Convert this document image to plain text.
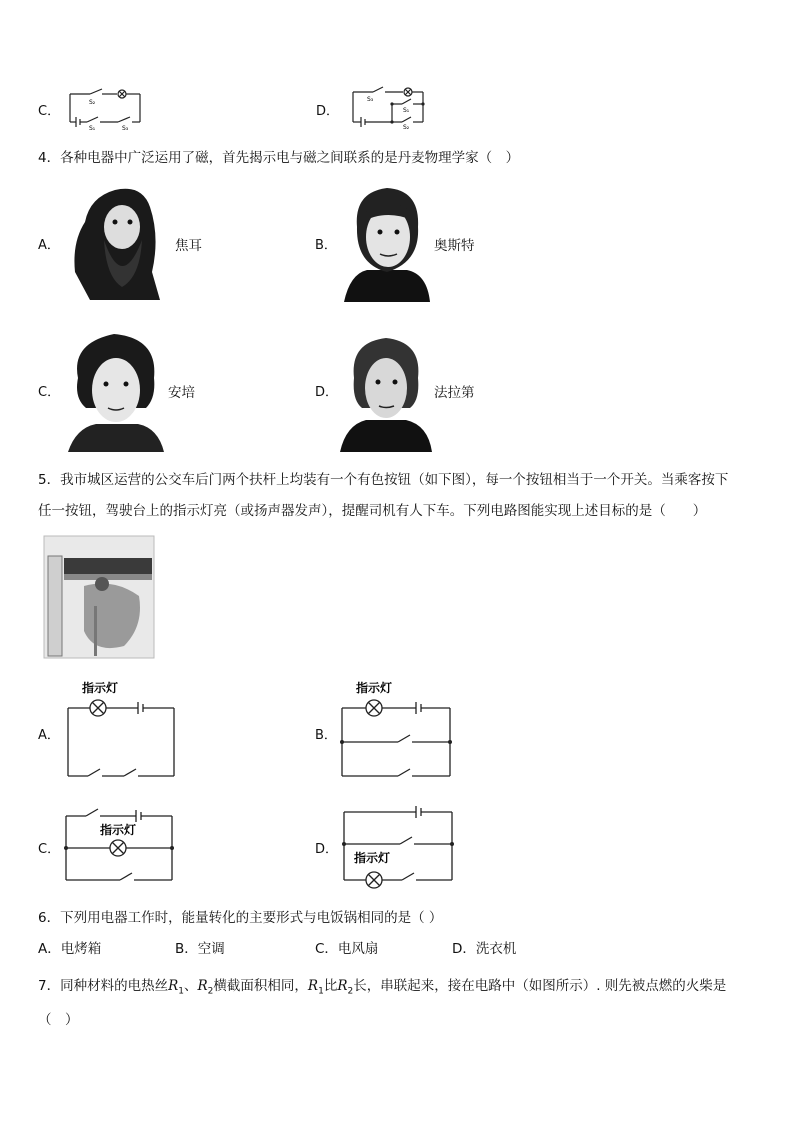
C．
S₂
S₁	S₃
D．
S₃
S₁
S₂
4．各种电器中广泛运用了磁，首先揭示电与磁之间联系的是丹麦物理学家（　）
A．	焦耳	B．	奥斯特
C．	安培	D．	法拉第
5．我市城区运营的公交车后门两个扶杆上均装有一个有色按钮（如下图），每一个按钮相当于一个开关。当乘客按下
任一按钮，驾驶台上的指示灯亮（或扬声器发声），提醒司机有人下车。下列电路图能实现上述目标的是（　　）
A．
指示灯
B．
指示灯
C．
指示灯
D．
指示灯
6．下列用电器工作时，能量转化的主要形式与电饭锅相同的是（ ）
A．电烤箱	B．空调	C．电风扇	D．洗衣机
7．同种材料的电热丝$R_1$、$R_2$横截面积相同，$R_1$比$R_2$长，串联起来，接在电路中（如图所示）. 则先被点燃的火柴是
（　）
